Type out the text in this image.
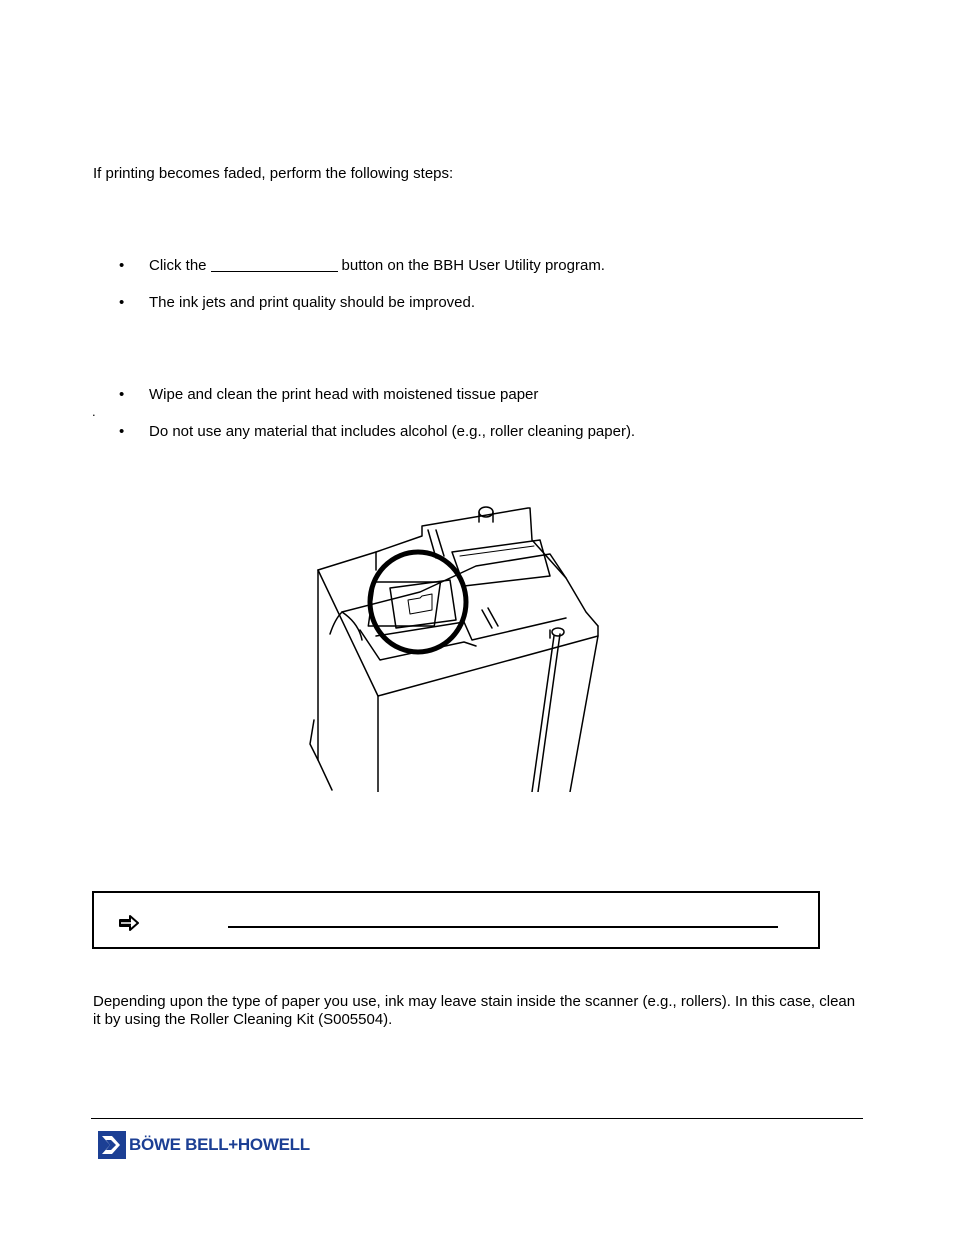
If printing becomes faded, perform the following steps:
•	Click the	button on the BBH User Utility program.
•	The ink jets and print quality should be improved.
•	Wipe and clean the print head with moistened tissue paper
.
•	Do not use any material that includes alcohol (e.g., roller cleaning paper).
Depending upon the type of paper you use, ink may leave stain inside the scanner (e.g., rollers). In this case, clean it by using the Roller Cleaning Kit (S005504).
BÖWE BELL+HOWELL
